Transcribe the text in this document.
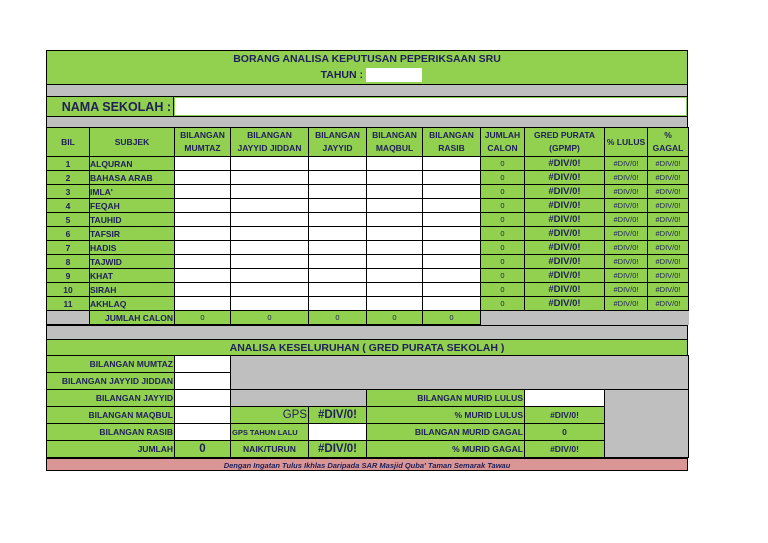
BORANG ANALISA KEPUTUSAN PEPERIKSAAN SRU
TAHUN :
NAMA SEKOLAH :
BIL	SUBJEK	BILANGAN MUMTAZ	BILANGAN JAYYID JIDDAN	BILANGAN JAYYID	BILANGAN MAQBUL	BILANGAN RASIB	JUMLAH CALON	GRED PURATA (GPMP)	% LULUS	% GAGAL
1	ALQURAN						0	#DIV/0!	#DIV/0!	#DIV/0!
2	BAHASA ARAB						0	#DIV/0!	#DIV/0!	#DIV/0!
3	IMLA'						0	#DIV/0!	#DIV/0!	#DIV/0!
4	FEQAH						0	#DIV/0!	#DIV/0!	#DIV/0!
5	TAUHID						0	#DIV/0!	#DIV/0!	#DIV/0!
6	TAFSIR						0	#DIV/0!	#DIV/0!	#DIV/0!
7	HADIS						0	#DIV/0!	#DIV/0!	#DIV/0!
8	TAJWID						0	#DIV/0!	#DIV/0!	#DIV/0!
9	KHAT						0	#DIV/0!	#DIV/0!	#DIV/0!
10	SIRAH						0	#DIV/0!	#DIV/0!	#DIV/0!
11	AKHLAQ						0	#DIV/0!	#DIV/0!	#DIV/0!
	JUMLAH CALON	0	0	0	0	0				
ANALISA KESELURUHAN ( GRED PURATA SEKOLAH )
BILANGAN MUMTAZ						
BILANGAN JAYYID JIDDAN						
BILANGAN JAYYID				BILANGAN MURID LULUS		
BILANGAN MAQBUL		GPS	#DIV/0!	% MURID LULUS	#DIV/0!	
BILANGAN RASIB		GPS TAHUN LALU		BILANGAN MURID GAGAL	0	
JUMLAH	0	NAIK/TURUN	#DIV/0!	% MURID GAGAL	#DIV/0!	
Dengan Ingatan Tulus Ikhlas Daripada SAR Masjid Quba' Taman Semarak Tawau
